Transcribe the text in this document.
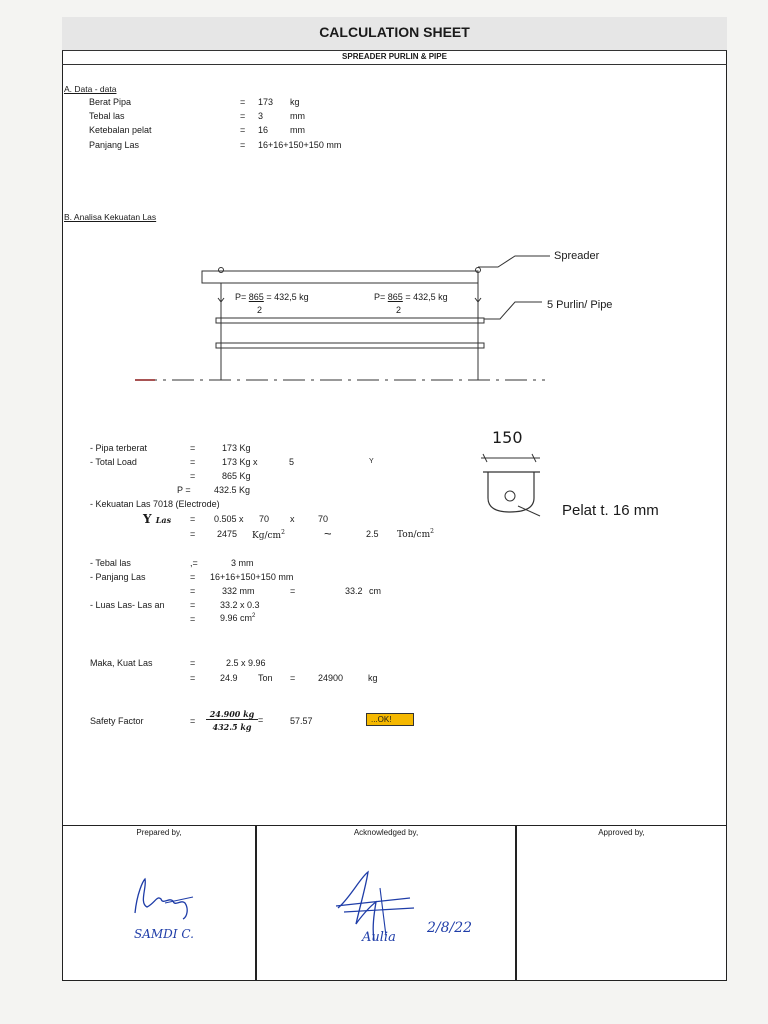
CALCULATION SHEET
SPREADER PURLIN & PIPE
A. Data - data
Berat Pipa	= 173 kg
Tebal las	= 3	mm
Ketebalan pelat	= 16 mm
Panjang Las	= 16+16+150+150 mm
B. Analisa Kekuatan Las
Spreader
5 Purlin/ Pipe
P= 865 = 432,5 kg
2
P= 865 = 432,5 kg
2
150
Pelat t. 16 mm
- Pipa terberat	=	173 Kg
- Total Load	=	173 Kg x	5	Y
=	865 Kg
P =	432.5 Kg
- Kekuatan Las 7018 (Electrode)
Y Las = 0.505 x 70 x	70
= 2475 $Kg/cm^2$	~	2.5 Ton/$cm^2$
- Tebal las	,=	3 mm
- Panjang Las	= 16+16+150+150 mm
=	332 mm	=	33.2 cm
- Luas Las- Las an	=	33.2 x 0.3
=	9.96 $cm^2$
Maka, Kuat Las	=	2.5 x 9.96
=	24.9 Ton =	24900	kg
Safety Factor	=
24.900 kg
432.5 kg
=	57.57	...OK!
Prepared by,	Acknowledged by,	Approved by,
SAMDI C.	Aulia
2/8/22
